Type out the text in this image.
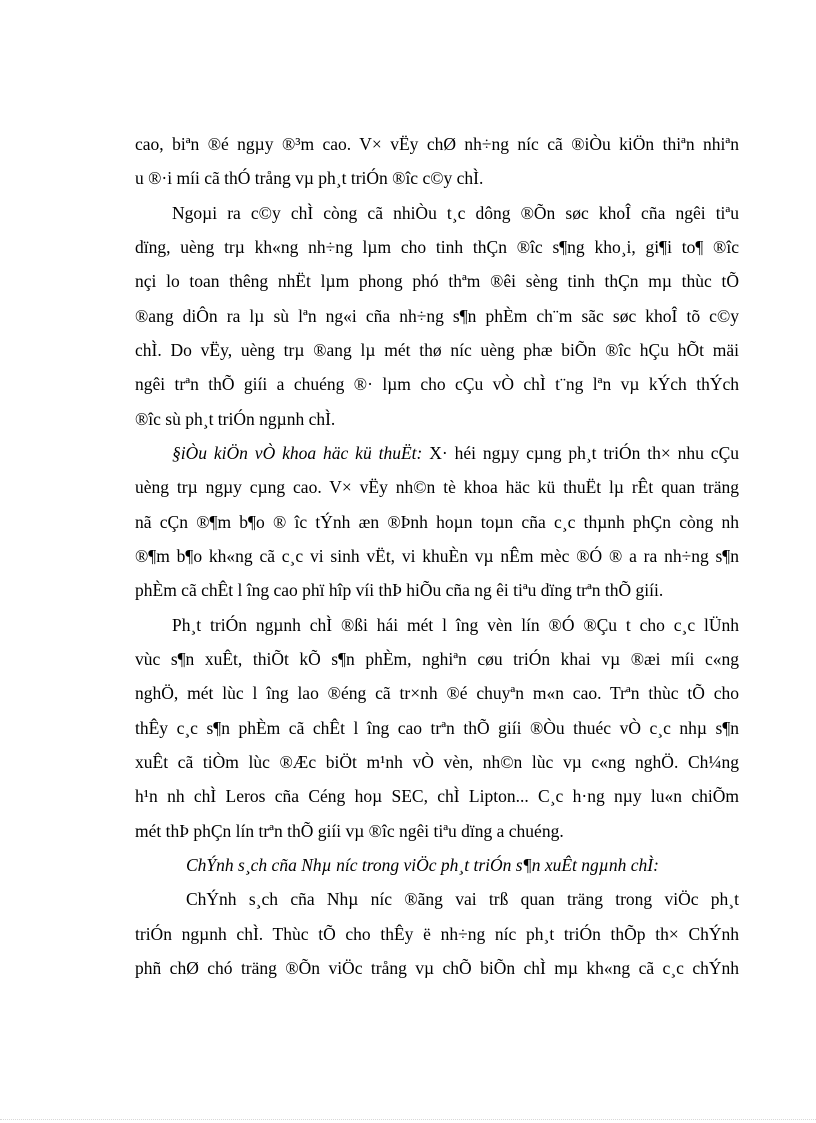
cao, biªn ®é ngµy ®³m cao. V× vËy chØ nh÷ng níc cã ®iÒu kiÖn thiªn nhiªn
u ®·i míi cã thÓ trång vµ ph¸t triÓn ®îc c©y chÌ.
Ngoµi ra c©y chÌ còng cã nhiÒu t¸c dông ®Õn søc khoÎ cña ngêi tiªu
dïng, uèng trµ kh«ng nh÷ng lµm cho tinh thÇn ®îc s¶ng kho¸i, gi¶i to¶ ®îc
nçi lo toan thêng nhËt lµm phong phó thªm ®êi sèng tinh thÇn mµ thùc tÕ
®ang diÔn ra lµ sù lªn ng«i cña nh÷ng s¶n phÈm ch¨m sãc søc khoÎ tõ c©y
chÌ. Do vËy, uèng trµ ®ang lµ mét thø níc uèng phæ biÕn ®îc hÇu hÕt mäi
ngêi trªn thÕ giíi a chuéng ®· lµm cho cÇu vÒ chÌ t¨ng lªn vµ kÝch thÝch
®îc sù ph¸t triÓn ngµnh chÌ.
§iÒu kiÖn vÒ khoa häc kü thuËt: X· héi ngµy cµng ph¸t triÓn th× nhu cÇu
uèng trµ ngµy cµng cao. V× vËy nh©n tè khoa häc kü thuËt lµ rÊt quan träng
nã cÇn ®¶m b¶o ® îc tÝnh æn ®Þnh hoµn toµn cña c¸c thµnh phÇn còng nh
®¶m b¶o kh«ng cã c¸c vi sinh vËt, vi khuÈn vµ nÊm mèc ®Ó ® a ra nh÷ng s¶n
phÈm cã chÊt l îng cao phï hîp víi thÞ hiÕu cña ng êi tiªu dïng trªn thÕ giíi.
Ph¸t triÓn ngµnh chÌ ®ßi hái mét l îng vèn lín ®Ó ®Çu t cho c¸c lÜnh
vùc s¶n xuÊt, thiÕt kÕ s¶n phÈm, nghiªn cøu triÓn khai vµ ®æi míi c«ng
nghÖ, mét lùc l îng lao ®éng cã tr×nh ®é chuyªn m«n cao. Trªn thùc tÕ cho
thÊy c¸c s¶n phÈm cã chÊt l îng cao trªn thÕ giíi ®Òu thuéc vÒ c¸c nhµ s¶n
xuÊt cã tiÒm lùc ®Æc biÖt m¹nh vÒ vèn, nh©n lùc vµ c«ng nghÖ. Ch¼ng
h¹n nh chÌ Leros cña Céng hoµ SEC, chÌ Lipton... C¸c h·ng nµy lu«n chiÕm
mét thÞ phÇn lín trªn thÕ giíi vµ ®îc ngêi tiªu dïng a chuéng.
ChÝnh s¸ch cña Nhµ níc trong viÖc ph¸t triÓn s¶n xuÊt ngµnh chÌ:
ChÝnh s¸ch cña Nhµ níc ®ãng vai trß quan träng trong viÖc ph¸t
triÓn ngµnh chÌ. Thùc tÕ cho thÊy ë nh÷ng níc ph¸t triÓn thÕp th× ChÝnh
phñ chØ chó träng ®Õn viÖc trång vµ chÕ biÕn chÌ mµ kh«ng cã c¸c chÝnh
